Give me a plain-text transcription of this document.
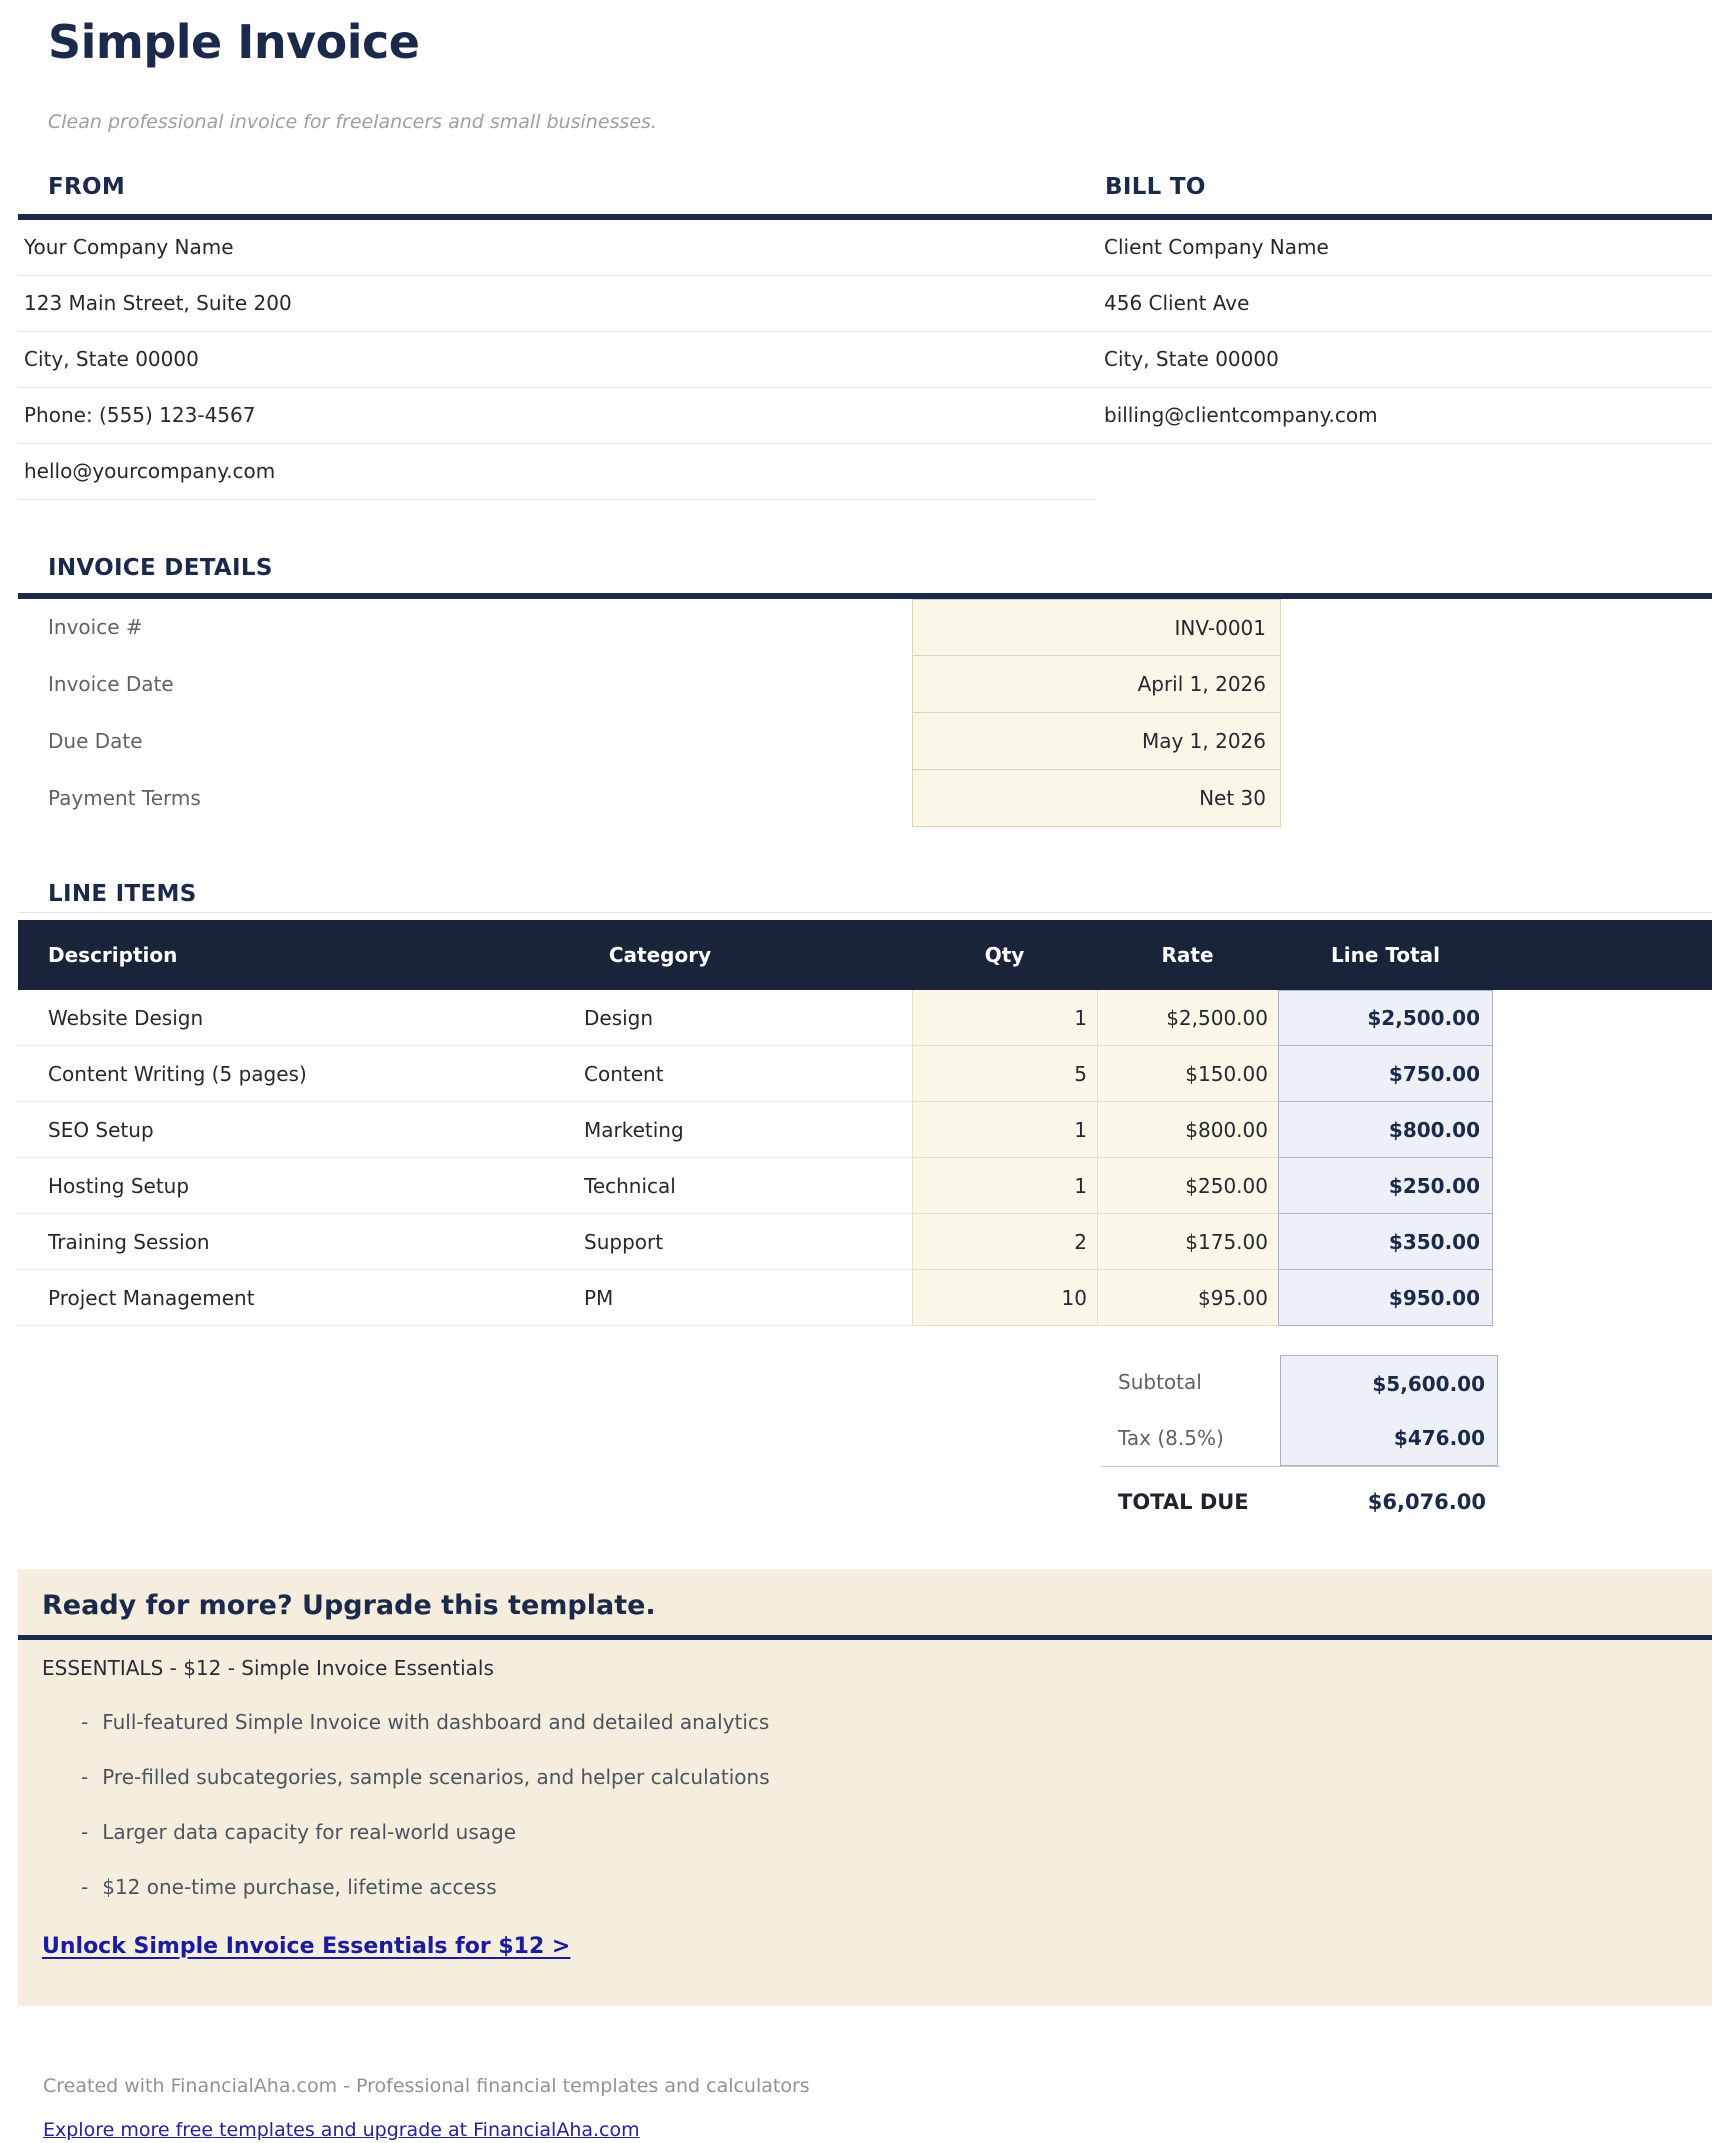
Simple Invoice
Clean professional invoice for freelancers and small businesses.
FROM	BILL TO
Your Company Name
123 Main Street, Suite 200
City, State 00000
Phone: (555) 123-4567
hello@yourcompany.com
Client Company Name
456 Client Ave
City, State 00000
billing@clientcompany.com
INVOICE DETAILS
Invoice #	INV-0001
Invoice Date	April 1, 2026
Due Date	May 1, 2026
Payment Terms	Net 30
LINE ITEMS
Description	Category	Qty	Rate	Line Total
Website Design	Design	1	$2,500.00	$2,500.00
Content Writing (5 pages)	Content	5	$150.00	$750.00
SEO Setup	Marketing	1	$800.00	$800.00
Hosting Setup	Technical	1	$250.00	$250.00
Training Session	Support	2	$175.00	$350.00
Project Management	PM	10	$95.00	$950.00
Subtotal	$5,600.00
Tax (8.5%)	$476.00
TOTAL DUE	$6,076.00
Ready for more? Upgrade this template.
ESSENTIALS - $12 - Simple Invoice Essentials
- Full-featured Simple Invoice with dashboard and detailed analytics
- Pre-filled subcategories, sample scenarios, and helper calculations
- Larger data capacity for real-world usage
- $12 one-time purchase, lifetime access
Unlock Simple Invoice Essentials for $12 >
Created with FinancialAha.com - Professional financial templates and calculators
Explore more free templates and upgrade at FinancialAha.com
